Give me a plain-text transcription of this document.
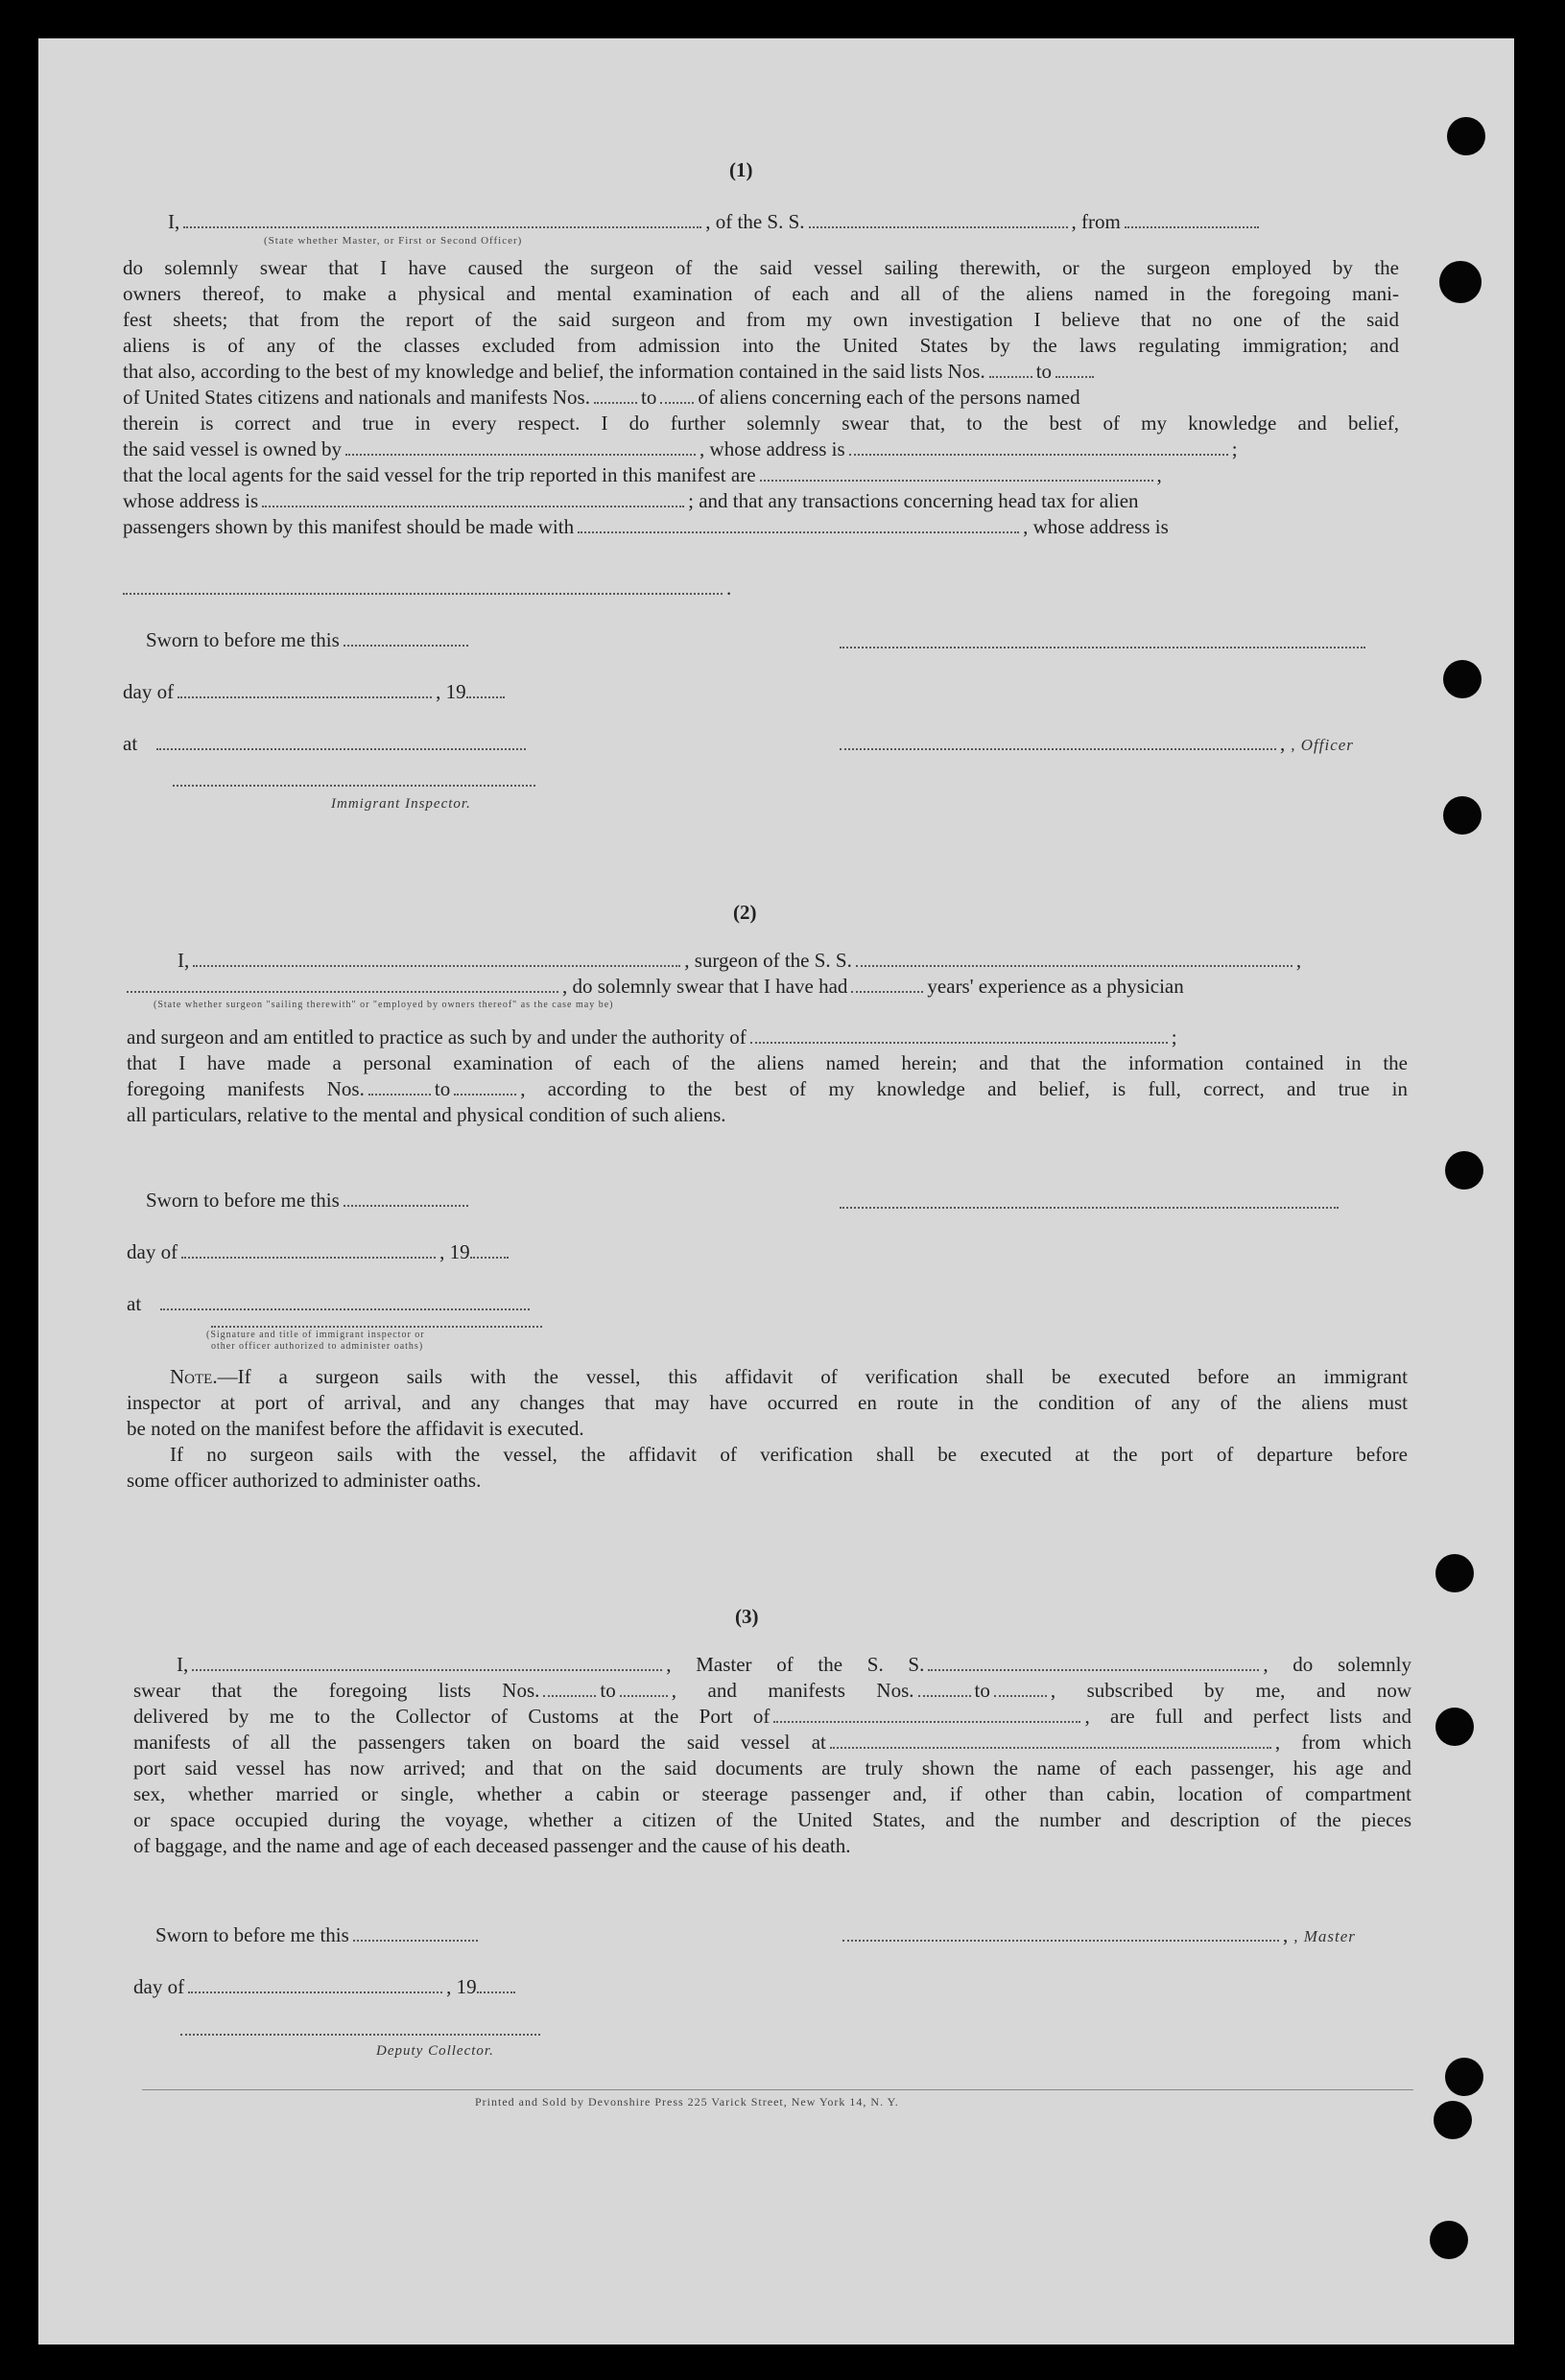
(1)
I,	, of the S. S.	, from
(State whether Master, or First or Second Officer)
do solemnly swear that I have caused the surgeon of the said vessel sailing therewith, or the surgeon employed by the
owners thereof, to make a physical and mental examination of each and all of the aliens named in the foregoing mani-
fest sheets; that from the report of the said surgeon and from my own investigation I believe that no one of the said
aliens is of any of the classes excluded from admission into the United States by the laws regulating immigration; and
that also, according to the best of my knowledge and belief, the information contained in the said lists Nos.	to
of United States citizens and nationals and manifests Nos.	to of aliens concerning each of the persons named
therein is correct and true in every respect. I do further solemnly swear that, to the best of my knowledge and belief,
the said vessel is owned by	, whose address is	;
that the local agents for the said vessel for the trip reported in this manifest are	,
whose address is	; and that any transactions concerning head tax for alien
passengers shown by this manifest should be made with	, whose address is
.
Sworn to before me this
day of	, 19
at	, , Officer
Immigrant Inspector.
(2)
I,	, surgeon of the S. S.	,
, do solemnly swear that I have had	years' experience as a physician
(State whether surgeon "sailing therewith" or "employed by owners thereof" as the case may be)
and surgeon and am entitled to practice as such by and under the authority of	;
that I have made a personal examination of each of the aliens named herein; and that the information contained in the
foregoing manifests Nos.	to	, according to the best of my knowledge and belief, is full, correct, and true in
all particulars, relative to the mental and physical condition of such aliens.
Sworn to before me this
day of	, 19
at
(Signature and title of immigrant inspector or
other officer authorized to administer oaths)
Note.—If a surgeon sails with the vessel, this affidavit of verification shall be executed before an immigrant
inspector at port of arrival, and any changes that may have occurred en route in the condition of any of the aliens must
be noted on the manifest before the affidavit is executed.
If no surgeon sails with the vessel, the affidavit of verification shall be executed at the port of departure before
some officer authorized to administer oaths.
(3)
I,	, Master of the S. S.	, do solemnly
swear that the foregoing lists Nos.	to	, and manifests Nos.	to	, subscribed by me, and now
delivered by me to the Collector of Customs at the Port of	, are full and perfect lists and
manifests of all the passengers taken on board the said vessel at	, from which
port said vessel has now arrived; and that on the said documents are truly shown the name of each passenger, his age and
sex, whether married or single, whether a cabin or steerage passenger and, if other than cabin, location of compartment
or space occupied during the voyage, whether a citizen of the United States, and the number and description of the pieces
of baggage, and the name and age of each deceased passenger and the cause of his death.
Sworn to before me this	, , Master
day of	, 19
Deputy Collector.
Printed and Sold by Devonshire Press 225 Varick Street, New York 14, N. Y.
